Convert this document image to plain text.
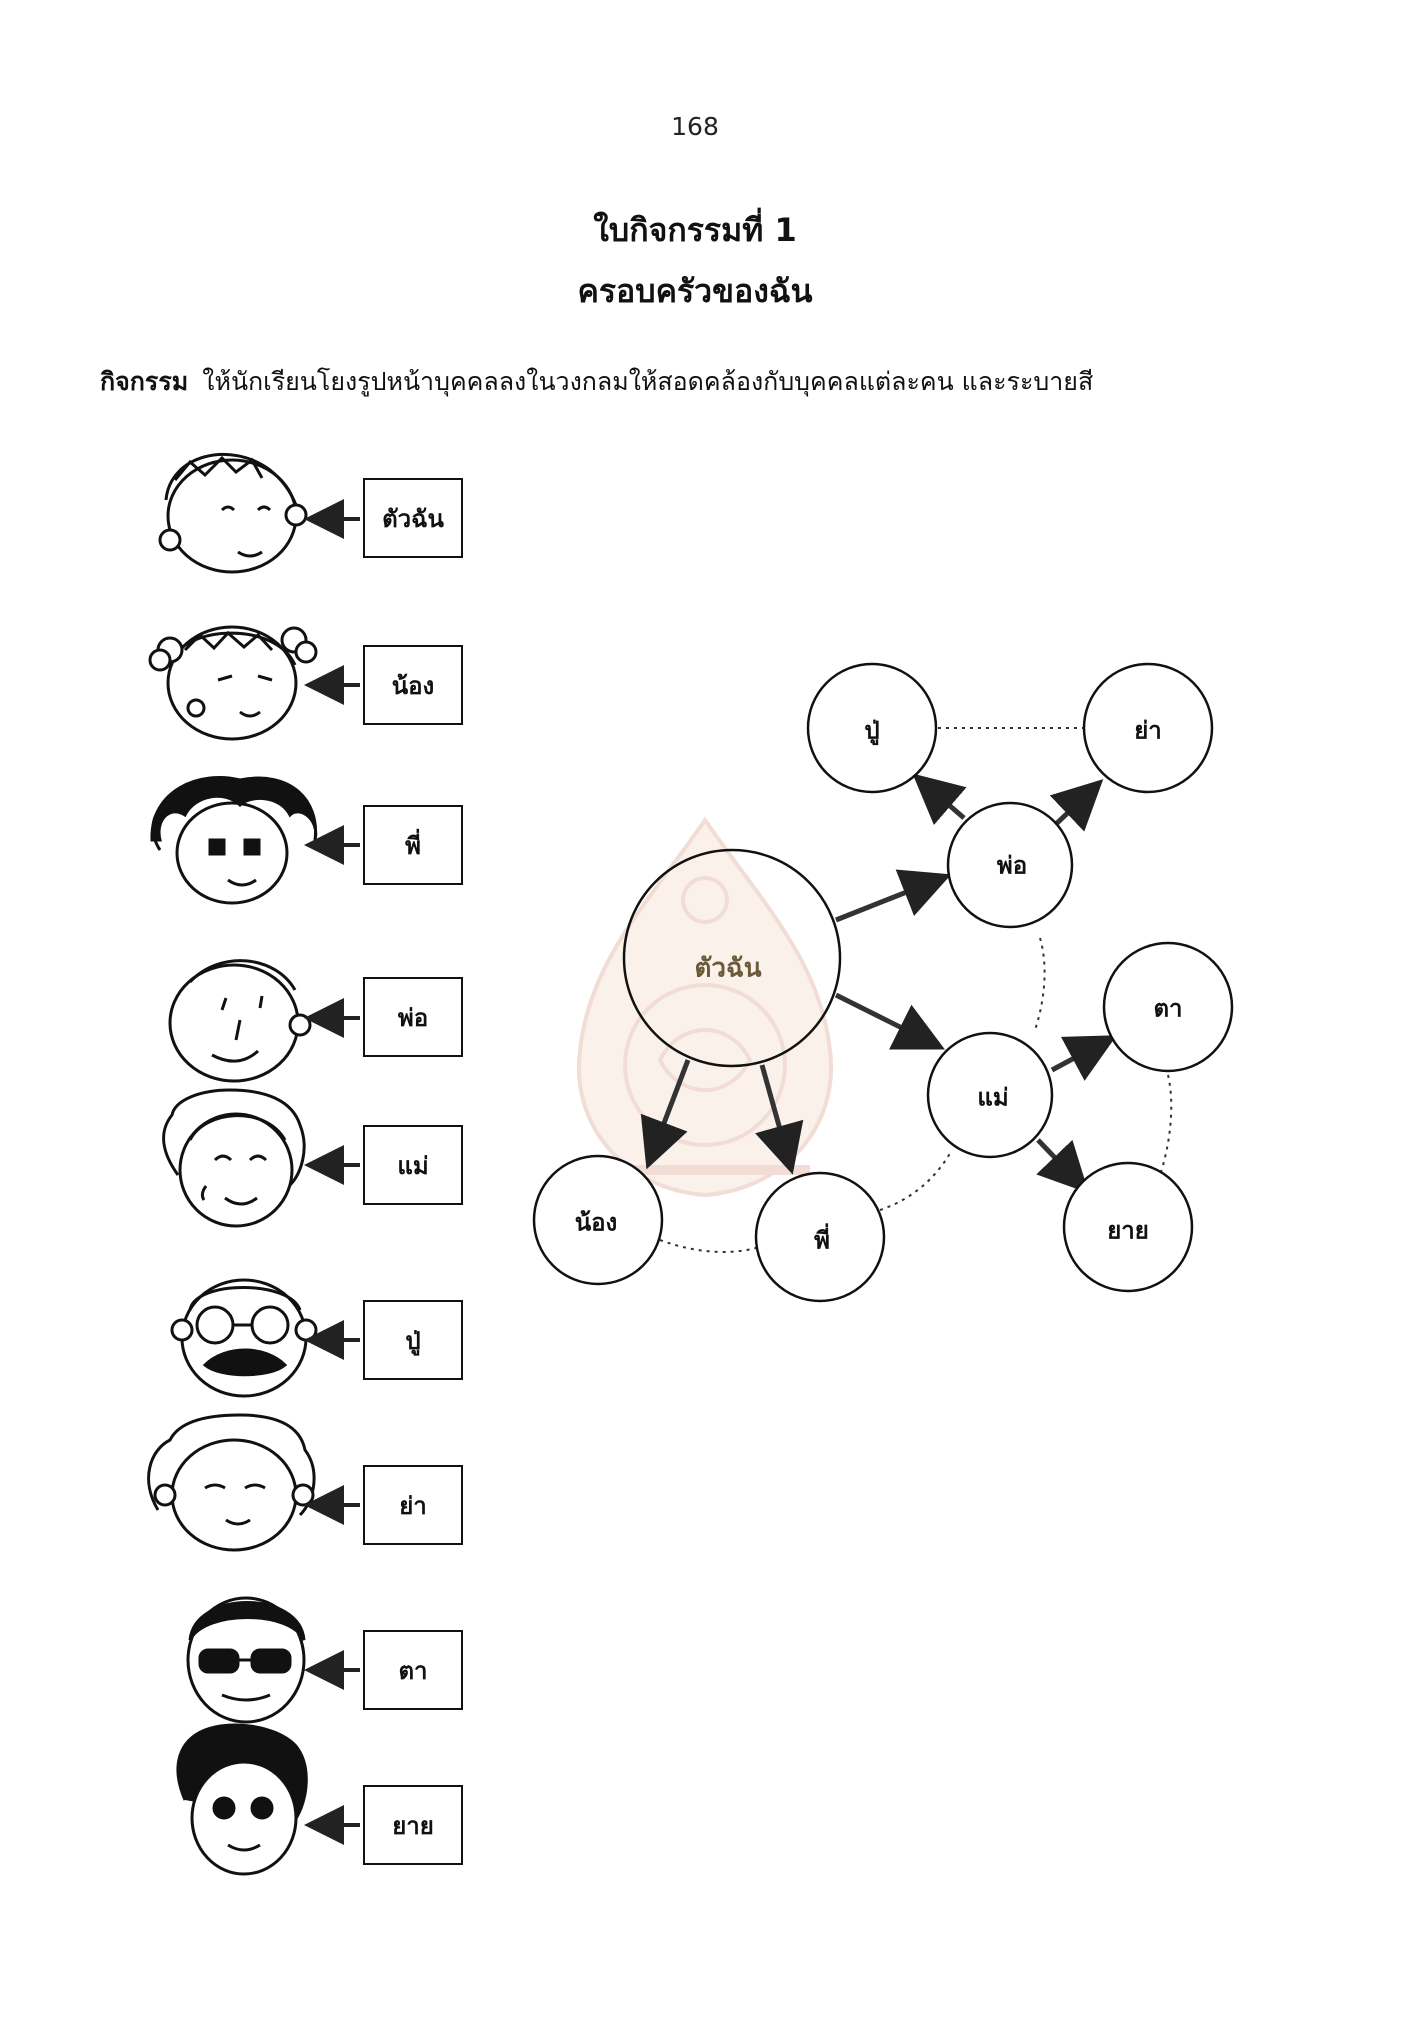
168
ใบกิจกรรมที่ 1
ครอบครัวของฉัน
กิจกรรม ให้นักเรียนโยงรูปหน้าบุคคลลงในวงกลมให้สอดคล้องกับบุคคลแต่ละคน และระบายสี
ตัวฉัน
น้อง
พี่
พ่อ
แม่
ปู่
ย่า
ตา
ยาย
ตัวฉัน
พ่อ
แม่
น้อง
พี่
ปู่	ย่า
ตา
ยาย
